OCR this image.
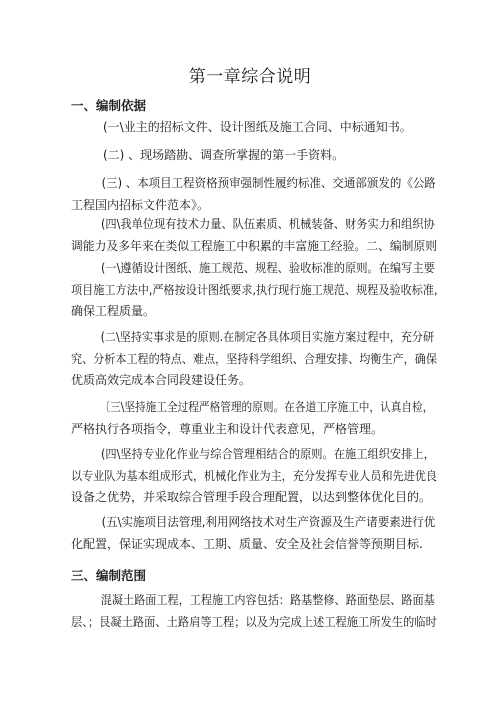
第一章综合说明
一、编制依据
(一\业主的招标文件、设计图纸及施工合同、中标通知书。
(二) 、现场踏勘、调查所掌握的第一手资料。
(三) 、本项目工程资格预审强制性履约标准、交通部颁发的《公路
工程国内招标文件范本》。
(四\我单位现有技术力量、队伍素质、机械装备、财务实力和组织协
调能力及多年来在类似工程施工中积累的丰富施工经验。二、编制原则
(一\遵循设计图纸、施工规范、规程、验收标准的原则。在编写主要
项目施工方法中,严格按设计图纸要求,执行现行施工规范、规程及验收标准,
确保工程质量。
(二\坚持实事求是的原则.在制定各具体项目实施方案过程中，充分研
究、分析本工程的特点、难点，坚持科学组织、合理安排、均衡生产，确保
优质高效完成本合同段建设任务。
〔三\坚持施工全过程严格管理的原则。在各道工序施工中，认真自检，
严格执行各项指令，尊重业主和设计代表意见，严格管理。
(四\坚持专业化作业与综合管理相结合的原则。在施工组织安排上，
以专业队为基本组成形式，机械化作业为主，充分发挥专业人员和先进优良
设备之优势，并采取综合管理手段合理配置，以达到整体优化目的。
(五\实施项目法管理,利用网络技术对生产资源及生产诸要素进行优
化配置，保证实现成本、工期、质量、安全及社会信誉等预期目标.
三、编制范围
混凝土路面工程，工程施工内容包括：路基整修、路面垫层、路面基
层、；艮凝土路面、土路肩等工程；以及为完成上述工程施工所发生的临时
